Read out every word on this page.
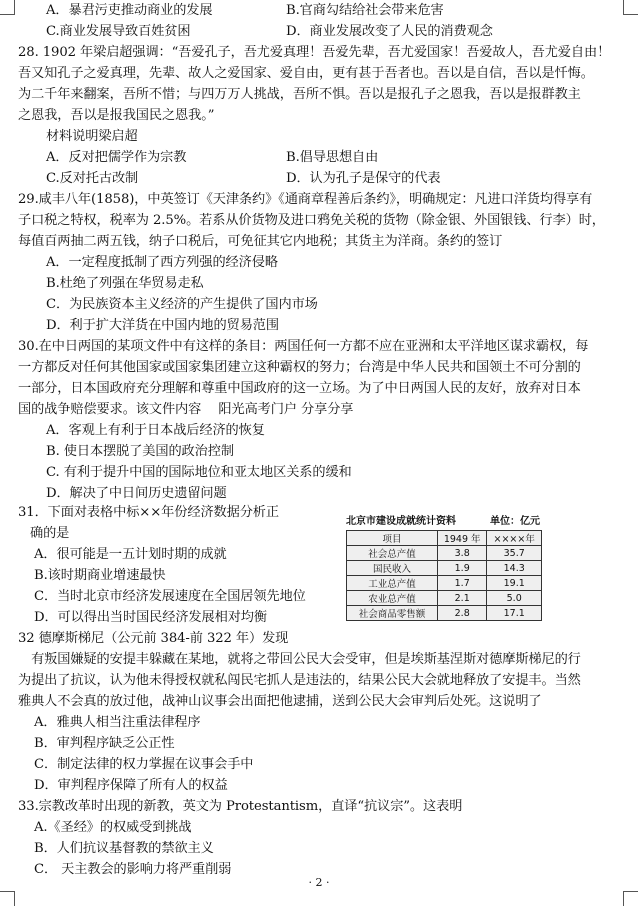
A．暴君污吏推动商业的发展	B.官商勾结给社会带来危害
C.商业发展导致百姓贫困	D．商业发展改变了人民的消费观念
28. 1902 年梁启超强调：“吾爱孔子，吾尤爱真理！吾爱先辈，吾尤爱国家！吾爱故人，吾尤爱自由！
吾又知孔子之爱真理，先辈、故人之爱国家、爱自由，更有甚于吾者也。吾以是自信，吾以是忏悔。
为二千年来翻案，吾所不惜；与四万万人挑战，吾所不惧。吾以是报孔子之恩我，吾以是报群教主
之恩我，吾以是报我国民之恩我。”
材料说明梁启超
A．反对把儒学作为宗教	B.倡导思想自由
C.反对托古改制	D．认为孔子是保守的代表
29.咸丰八年(1858)，中英签订《天津条约》《通商章程善后条约》，明确规定：凡进口洋货均得享有
子口税之特权，税率为 2.5%。若系从价货物及进口鸦免关税的货物（除金银、外国银钱、行李）时，
每值百两抽二两五钱，纳子口税后，可免征其它内地税；其货主为洋商。条约的签订
A．一定程度抵制了西方列强的经济侵略
B.杜绝了列强在华贸易走私
C．为民族资本主义经济的产生提供了国内市场
D．利于扩大洋货在中国内地的贸易范围
30.在中日两国的某项文件中有这样的条目：两国任何一方都不应在亚洲和太平洋地区谋求霸权，每
一方都反对任何其他国家或国家集团建立这种霸权的努力；台湾是中华人民共和国领土不可分割的
一部分，日本国政府充分理解和尊重中国政府的这一立场。为了中日两国人民的友好，放弃对日本
国的战争赔偿要求。该文件内容　 阳光高考门户 分享分享
A．客观上有利于日本战后经济的恢复
B. 使日本摆脱了美国的政治控制
C. 有利于提升中国的国际地位和亚太地区关系的缓和
D．解决了中日间历史遗留问题
31．下面对表格中标××年份经济数据分析正
确的是
A．很可能是一五计划时期的成就
B.该时期商业增速最快
C．当时北京市经济发展速度在全国居领先地位
D．可以得出当时国民经济发展相对均衡
北京市建设成就统计资料	单位：亿元
项目	1949 年	××××年
社会总产值	3.8	35.7
国民收入	1.9	14.3
工业总产值	1.7	19.1
农业总产值	2.1	5.0
社会商品零售额	2.8	17.1
32 德摩斯梯尼（公元前 384-前 322 年）发现
　有叛国嫌疑的安提丰躲藏在某地，就将之带回公民大会受审，但是埃斯基涅斯对德摩斯梯尼的行
为提出了抗议，认为他未得授权就私闯民宅抓人是违法的，结果公民大会就地释放了安提丰。当然
雅典人不会真的放过他，战神山议事会出面把他逮捕，送到公民大会审判后处死。这说明了
A．雅典人相当注重法律程序
B．审判程序缺乏公正性
C．制定法律的权力掌握在议事会手中
D．审判程序保障了所有人的权益
33.宗教改革时出现的新教，英文为 Protestantism，直译“抗议宗”。这表明
A.《圣经》的权威受到挑战
B．人们抗议基督教的禁欲主义
C． 天主教会的影响力将严重削弱
· 2 ·
